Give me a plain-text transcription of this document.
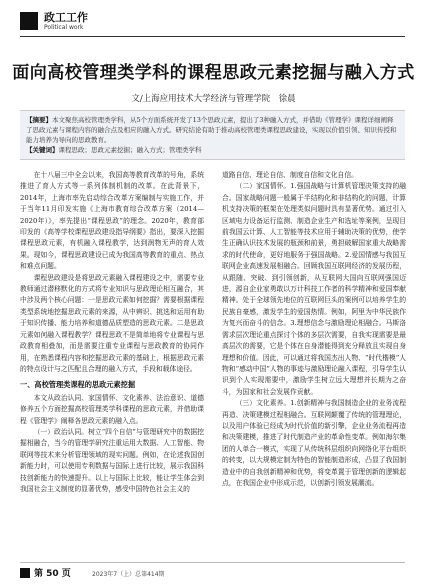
政工工作
Political work
面向高校管理类学科的课程思政元素挖掘与融入方式
文/上海应用技术大学经济与管理学院　徐晨
【摘要】本文聚焦高校管理类学科，从5个方面系统开发了13个思政元素，提出了3种融入方式，并借助《管理学》课程详细阐释了思政元素与课程内容的融合点及相应的融入方式。研究结论有助于推动高校管理类课程思政建设，实现以价值引领、知识传授和能力培养为导向的思政教育。
【关键词】课程思政；思政元素挖掘；融入方式；管理类学科

在十八届三中全会以来，我国高等教育改革的号角，系统推进了育人方式等一系列体制机制的改革。在此背景下，2014年，上海市率先启动综合改革方案编制与实施工作，并于当年11月印发实施《上海市教育综合改革方案（2014—2020年）》，率先提出“课程思政”的理念。2020年，教育部印发的《高等学校课程思政建设指导纲要》指出，要深入挖掘课程思政元素，有机融入课程教学，达到润物无声的育人效果。现如今，课程思政建设已成为我国高等教育的重点、热点和难点问题。

课程思政建设是将思政元素融入课程建设之中，需要专业教师通过潜移默化的方式将专业知识与思政理论相互融合，其中涉及两个核心问题：一是思政元素如何挖掘？需要根据课程类型系统地挖掘思政元素的来源，从中辨识、挑选和运用有助于知识传播、能力培养和道德品质塑造的思政元素。二是思政元素如何融入课程教学？课程思政不是简单地将专业课程与思政教育相叠加，而是需要注重专业课程与思政教育的协同作用，在熟悉课程内容和挖掘思政元素的基础上，根据思政元素的特点设计与之匹配且合理的融入方式，手段和载体途径。

一、高校管理类课程的思政元素挖掘

本文从政治认同、家国情怀、文化素养、法治意识、道德修养五个方面挖掘高校管理类学科课程的思政元素，并借助课程《管理学》阐释各思政元素的融入点。

（一）政治认同。树立“四个自信”与管理研究中的数据挖掘相融合，当今的管理学研究注重运用大数据、人工智能、物联网等技术来分析管理领域的现实问题。例如，在论述我国创新能力时，可以使用专利数据与国际上进行比较，展示我国科技创新能力的快速提升。以上与国际上比较，能让学生体会到我国社会主义制度的显著优势，感受中国特色社会主义的

道路自信、理论自信、制度自信和文化自信。

（二）家国情怀。1.强国战略与计算机管理决策支持的融合。国家战略问题一般属于半结构化和非结构化的问题，计算机支持决策的框架在处理类似问题时具有显著优势。通过引入区域电力设备运行监测、制造企业生产和选址等案例，呈现目前我国云计算、人工智能等技术应用于辅助决策的优势，使学生正确认识技术发展的瓶颈和前景，勇担破解国家重大战略需求的时代使命，更好地服务于强国战略。2.爱国情感与我国互联网企业高速发展相融合。回顾我国互联网经济的发展历程，从跟随、突破、到引领创新，从互联网大国向互联网强国迈进，源自企业家勇敢以万计科技工作者的科学精神和爱国奉献精神。处于全球领先地位的互联网巨头的案例可以培养学生的民族自豪感，激发学生的爱国热情。例如，阿里为中华民族作为复兴而奋斗的信念。3.理想信念与激励理论相融合。马斯洛需求层次理论重点探讨个体的多层次需要，自我实现需要是最高层次的需要，它是个体在自身潜能得到充分释放且实现自身理想和价值。因此，可以通过将我国杰出人物、“时代楷模”人物和“感动中国”人物的事迹与激励理论融入课程，引导学生认识到个人实现需要中，激励学生树立远大理想并长期为之奋斗，为国家和社会发展作贡献。

（三）文化素养。1.创新精神与我国制造企业的业务流程再造、决策建模过程相融合。互联网颠覆了传统的管理理论，以及用户体验已经成为时代价值的新引擎，企业业务流程再造和决策建模，推进了时代制造产业的革命性变革。例如海尔集团的人单合一模式，实现了从传统科层组织向网络化平台组织的转变，以大规模定制为特色的智能制造形成，凸显了我国制造业中的自我创新精神和优势，将变革置于管理创新的逻辑起点，在我国企业中形成示范，以创新引领发展潮流。

第 50 页	2023年7（上）总第414期
